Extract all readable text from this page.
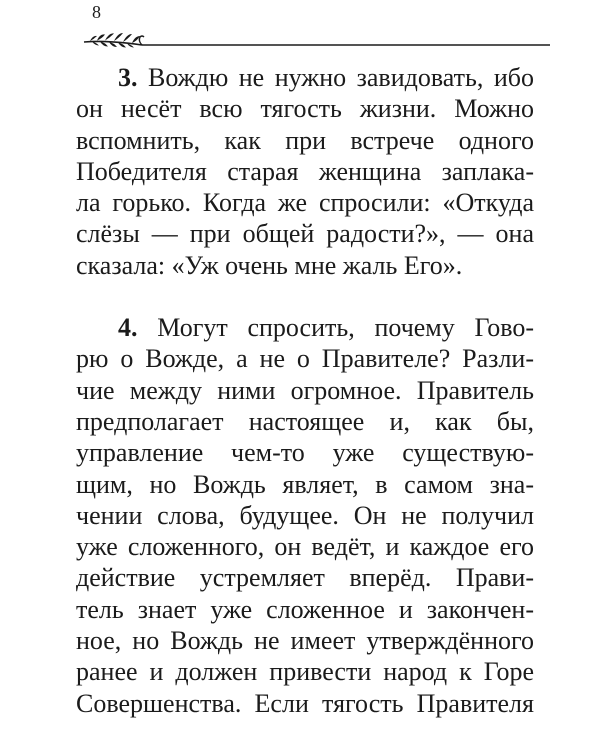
8
3. Вождю не нужно завидовать, ибо
он несёт всю тягость жизни. Можно
вспомнить, как при встрече одного
Победителя старая женщина заплака-
ла горько. Когда же спросили: «Откуда
слёзы — при общей радости?», — она
сказала: «Уж очень мне жаль Его».
4. Могут спросить, почему Гово-
рю о Вожде, а не о Правителе? Разли-
чие между ними огромное. Правитель
предполагает настоящее и, как бы,
управление чем-то уже существую-
щим, но Вождь являет, в самом зна-
чении слова, будущее. Он не получил
уже сложенного, он ведёт, и каждое его
действие устремляет вперёд. Прави-
тель знает уже сложенное и закончен-
ное, но Вождь не имеет утверждённого
ранее и должен привести народ к Горе
Совершенства. Если тягость Правителя
